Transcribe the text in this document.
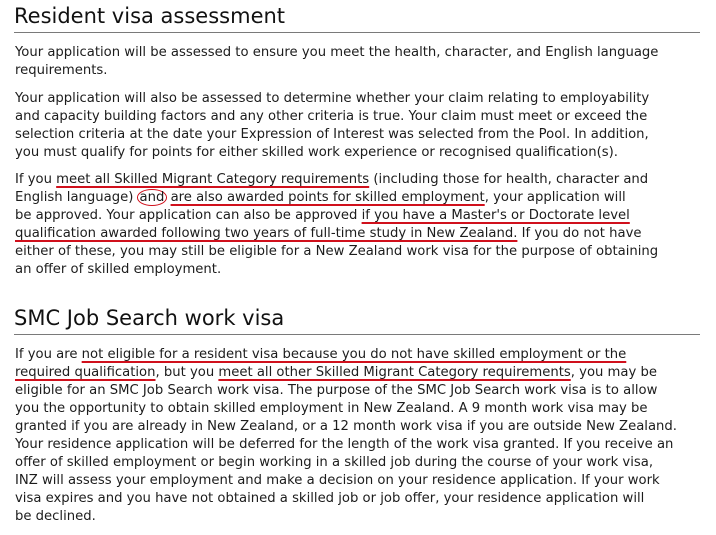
Resident visa assessment

Your application will be assessed to ensure you meet the health, character, and English language
requirements.

Your application will also be assessed to determine whether your claim relating to employability
and capacity building factors and any other criteria is true. Your claim must meet or exceed the
selection criteria at the date your Expression of Interest was selected from the Pool. In addition,
you must qualify for points for either skilled work experience or recognised qualification(s).

If you meet all Skilled Migrant Category requirements (including those for health, character and
English language) and are also awarded points for skilled employment, your application will
be approved. Your application can also be approved if you have a Master's or Doctorate level
qualification awarded following two years of full-time study in New Zealand. If you do not have
either of these, you may still be eligible for a New Zealand work visa for the purpose of obtaining
an offer of skilled employment.

SMC Job Search work visa

If you are not eligible for a resident visa because you do not have skilled employment or the
required qualification, but you meet all other Skilled Migrant Category requirements, you may be
eligible for an SMC Job Search work visa. The purpose of the SMC Job Search work visa is to allow
you the opportunity to obtain skilled employment in New Zealand. A 9 month work visa may be
granted if you are already in New Zealand, or a 12 month work visa if you are outside New Zealand.
Your residence application will be deferred for the length of the work visa granted. If you receive an
offer of skilled employment or begin working in a skilled job during the course of your work visa,
INZ will assess your employment and make a decision on your residence application. If your work
visa expires and you have not obtained a skilled job or job offer, your residence application will
be declined.
